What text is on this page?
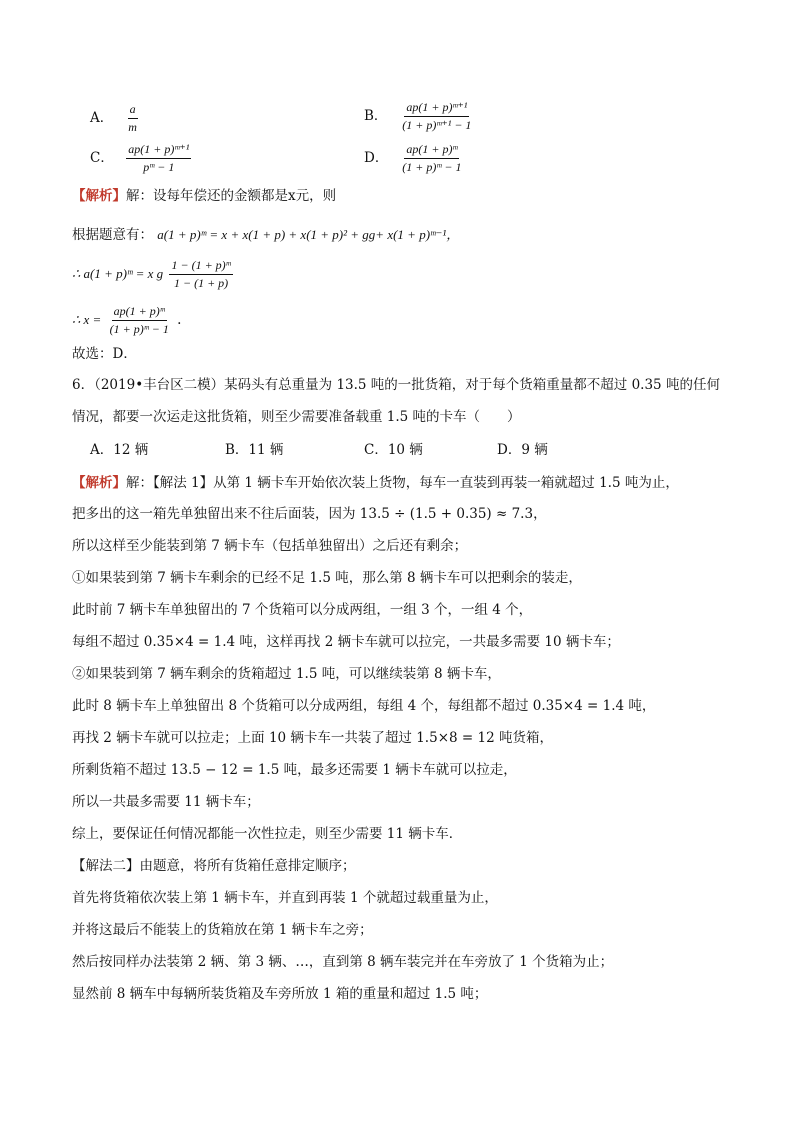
A． $\frac{a}{m}$	B． $\frac{\text{ap(1 + p)ᵐ⁺¹}}{\text{(1 + p)ᵐ⁺¹ − 1}}$
C． $\frac{\text{ap(1 + p)ᵐ⁺¹}}{\text{pᵐ − 1}}$	D． $\frac{\text{ap(1 + p)ᵐ}}{\text{(1 + p)ᵐ − 1}}$
【解析】解：设每年偿还的金额都是x元，则
根据题意有： a(1 + p)ᵐ = x + x(1 + p) + x(1 + p)² + gg+ x(1 + p)ᵐ⁻¹，
∴ a(1 + p)ᵐ = x g $\frac{\text{1 − (1 + p)ᵐ}}{1 - (1 + p)}$
∴ $x = \frac{\text{ap(1 + p)ᵐ}}{\text{(1 + p)ᵐ − 1}}$ .
故选：D．
6．（2019•丰台区二模）某码头有总重量为 13.5 吨的一批货箱，对于每个货箱重量都不超过 0.35 吨的任何
情况，都要一次运走这批货箱，则至少需要准备载重 1.5 吨的卡车（　　）
A．12 辆	B．11 辆	C．10 辆	D．9 辆
【解析】解：【解法 1】从第 1 辆卡车开始依次装上货物，每车一直装到再装一箱就超过 1.5 吨为止，
把多出的这一箱先单独留出来不往后面装，因为 13.5 ÷ (1.5 + 0.35) ≈ 7.3，
所以这样至少能装到第 7 辆卡车（包括单独留出）之后还有剩余；
①如果装到第 7 辆卡车剩余的已经不足 1.5 吨，那么第 8 辆卡车可以把剩余的装走，
此时前 7 辆卡车单独留出的 7 个货箱可以分成两组，一组 3 个，一组 4 个，
每组不超过 0.35×4 = 1.4 吨，这样再找 2 辆卡车就可以拉完，一共最多需要 10 辆卡车；
②如果装到第 7 辆车剩余的货箱超过 1.5 吨，可以继续装第 8 辆卡车，
此时 8 辆卡车上单独留出 8 个货箱可以分成两组，每组 4 个，每组都不超过 0.35×4 = 1.4 吨，
再找 2 辆卡车就可以拉走；上面 10 辆卡车一共装了超过 1.5×8 = 12 吨货箱，
所剩货箱不超过 13.5 − 12 = 1.5 吨，最多还需要 1 辆卡车就可以拉走，
所以一共最多需要 11 辆卡车；
综上，要保证任何情况都能一次性拉走，则至少需要 11 辆卡车．
【解法二】由题意，将所有货箱任意排定顺序；
首先将货箱依次装上第 1 辆卡车，并直到再装 1 个就超过载重量为止，
并将这最后不能装上的货箱放在第 1 辆卡车之旁；
然后按同样办法装第 2 辆、第 3 辆、…，直到第 8 辆车装完并在车旁放了 1 个货箱为止；
显然前 8 辆车中每辆所装货箱及车旁所放 1 箱的重量和超过 1.5 吨；
